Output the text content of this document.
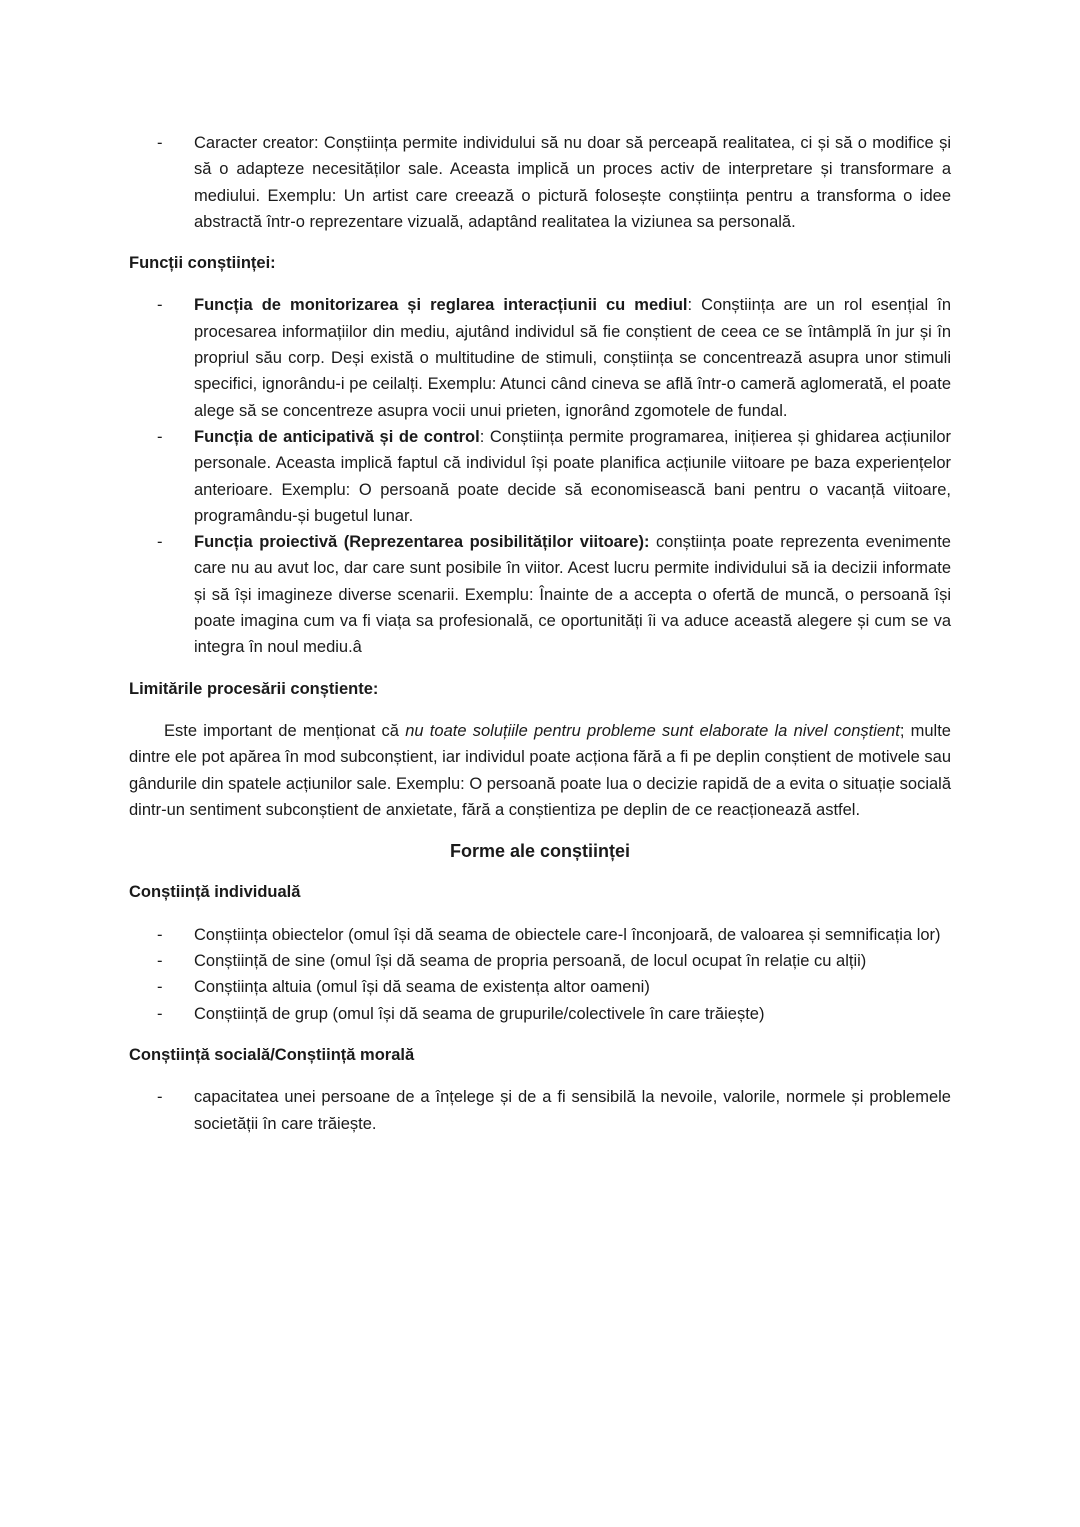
- Caracter creator: Conștiința permite individului să nu doar să perceapă realitatea, ci și să o modifice și să o adapteze necesităților sale. Aceasta implică un proces activ de interpretare și transformare a mediului. Exemplu: Un artist care creează o pictură folosește conștiința pentru a transforma o idee abstractă într-o reprezentare vizuală, adaptând realitatea la viziunea sa personală.

Funcții conștiinței:

- Funcția de monitorizarea și reglarea interacțiunii cu mediul: Conștiința are un rol esențial în procesarea informațiilor din mediu, ajutând individul să fie conștient de ceea ce se întâmplă în jur și în propriul său corp. Deși există o multitudine de stimuli, conștiința se concentrează asupra unor stimuli specifici, ignorându-i pe ceilalți. Exemplu: Atunci când cineva se află într-o cameră aglomerată, el poate alege să se concentreze asupra vocii unui prieten, ignorând zgomotele de fundal.
- Funcția de anticipativă și de control: Conștiința permite programarea, inițierea și ghidarea acțiunilor personale. Aceasta implică faptul că individul își poate planifica acțiunile viitoare pe baza experiențelor anterioare. Exemplu: O persoană poate decide să economisească bani pentru o vacanță viitoare, programându-și bugetul lunar.
- Funcția proiectivă (Reprezentarea posibilităților viitoare): conștiința poate reprezenta evenimente care nu au avut loc, dar care sunt posibile în viitor. Acest lucru permite individului să ia decizii informate și să își imagineze diverse scenarii. Exemplu: Înainte de a accepta o ofertă de muncă, o persoană își poate imagina cum va fi viața sa profesională, ce oportunități îi va aduce această alegere și cum se va integra în noul mediu.â

Limitările procesării conștiente:

Este important de menționat că nu toate soluțiile pentru probleme sunt elaborate la nivel conștient; multe dintre ele pot apărea în mod subconștient, iar individul poate acționa fără a fi pe deplin conștient de motivele sau gândurile din spatele acțiunilor sale. Exemplu: O persoană poate lua o decizie rapidă de a evita o situație socială dintr-un sentiment subconștient de anxietate, fără a conștientiza pe deplin de ce reacționează astfel.

Forme ale conștiinței

Conștiință individuală

- Conștiința obiectelor (omul își dă seama de obiectele care-l înconjoară, de valoarea și semnificația lor)
- Conștiință de sine (omul își dă seama de propria persoană, de locul ocupat în relație cu alții)
- Conștiința altuia (omul își dă seama de existența altor oameni)
- Conștiință de grup (omul își dă seama de grupurile/colectivele în care trăiește)

Conștiință socială/Conștiință morală

- capacitatea unei persoane de a înțelege și de a fi sensibilă la nevoile, valorile, normele și problemele societății în care trăiește.
